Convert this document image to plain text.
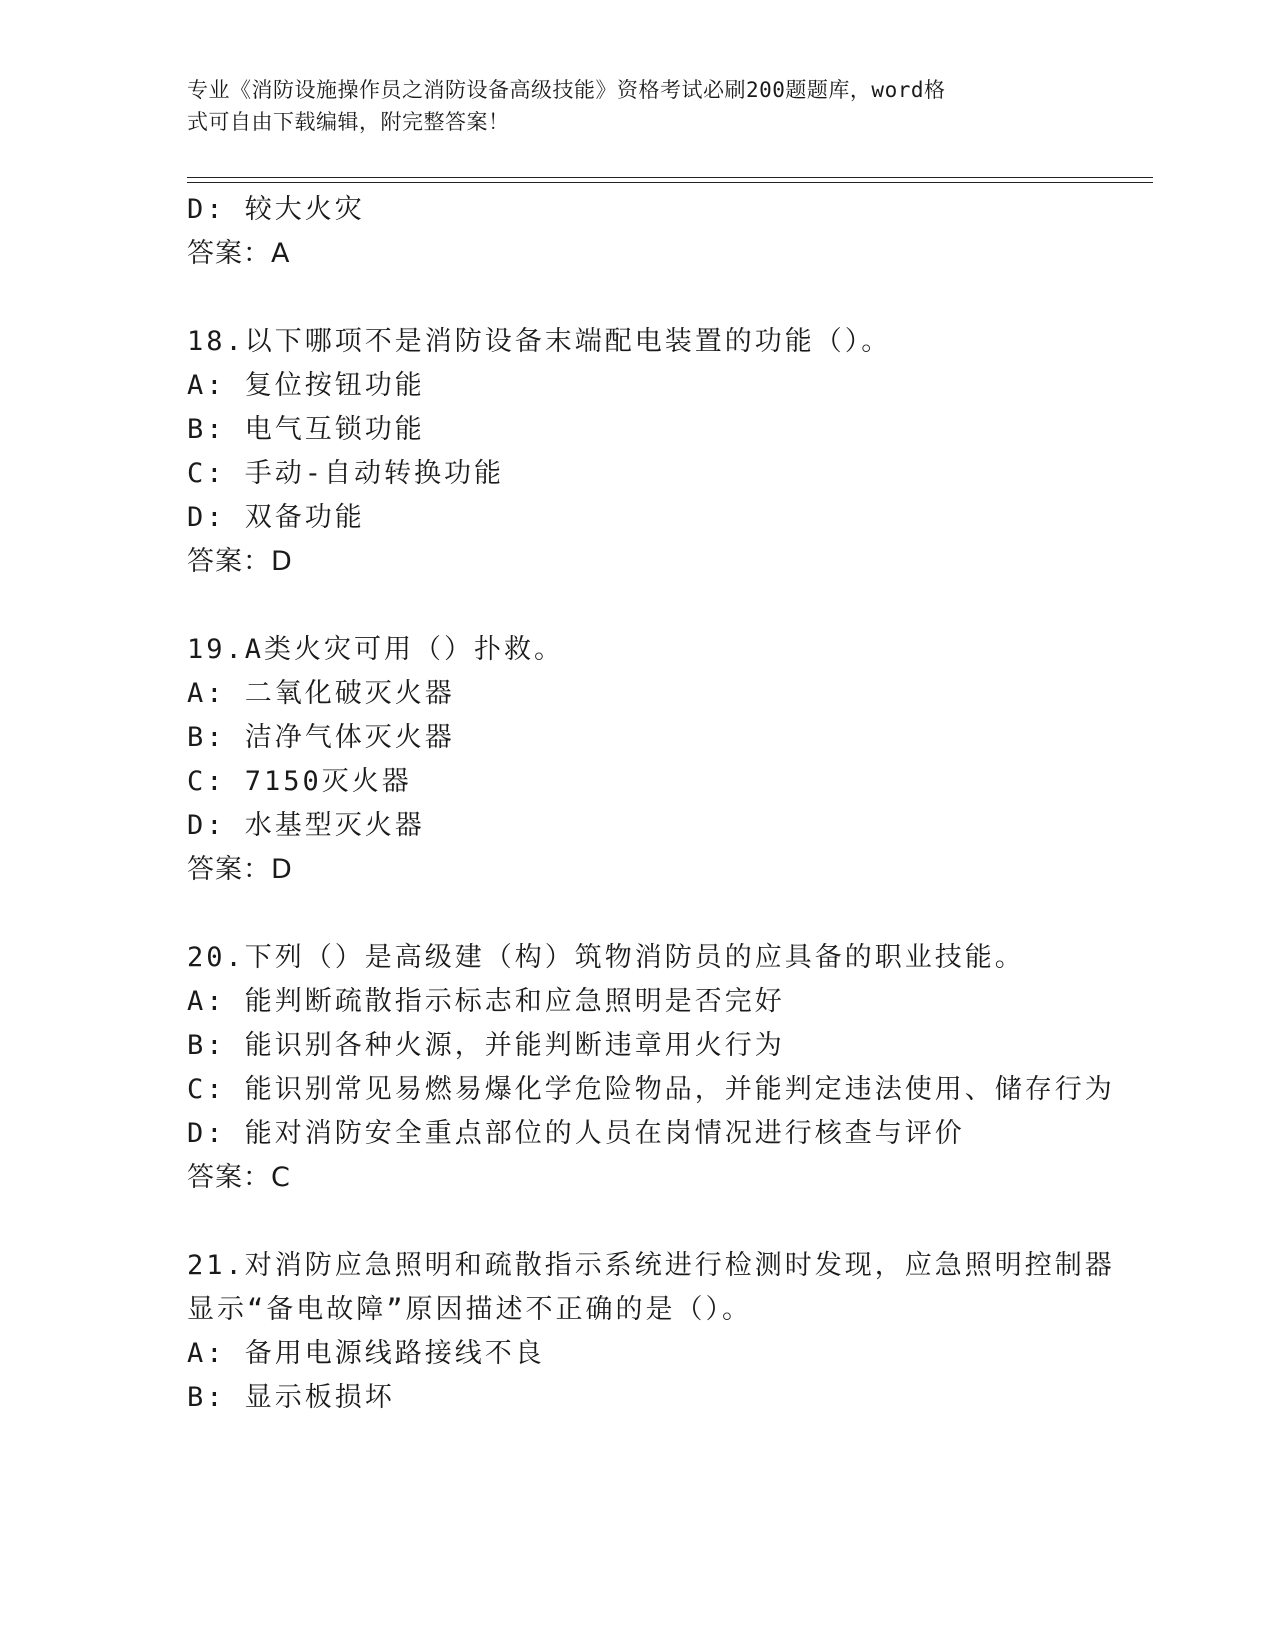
专业《消防设施操作员之消防设备高级技能》资格考试必刷200题题库，word格
式可自由下载编辑，附完整答案！
D: 较大火灾
答案：A
18.以下哪项不是消防设备末端配电装置的功能（）。
A: 复位按钮功能
B: 电气互锁功能
C: 手动-自动转换功能
D: 双备功能
答案：D
19.A类火灾可用（）扑救。
A: 二氧化破灭火器
B: 洁净气体灭火器
C: 7150灭火器
D: 水基型灭火器
答案：D
20.下列（）是高级建（构）筑物消防员的应具备的职业技能。
A: 能判断疏散指示标志和应急照明是否完好
B: 能识别各种火源，并能判断违章用火行为
C: 能识别常见易燃易爆化学危险物品，并能判定违法使用、储存行为
D: 能对消防安全重点部位的人员在岗情况进行核查与评价
答案：C
21.对消防应急照明和疏散指示系统进行检测时发现，应急照明控制器
显示“备电故障”原因描述不正确的是（）。
A: 备用电源线路接线不良
B: 显示板损坏
